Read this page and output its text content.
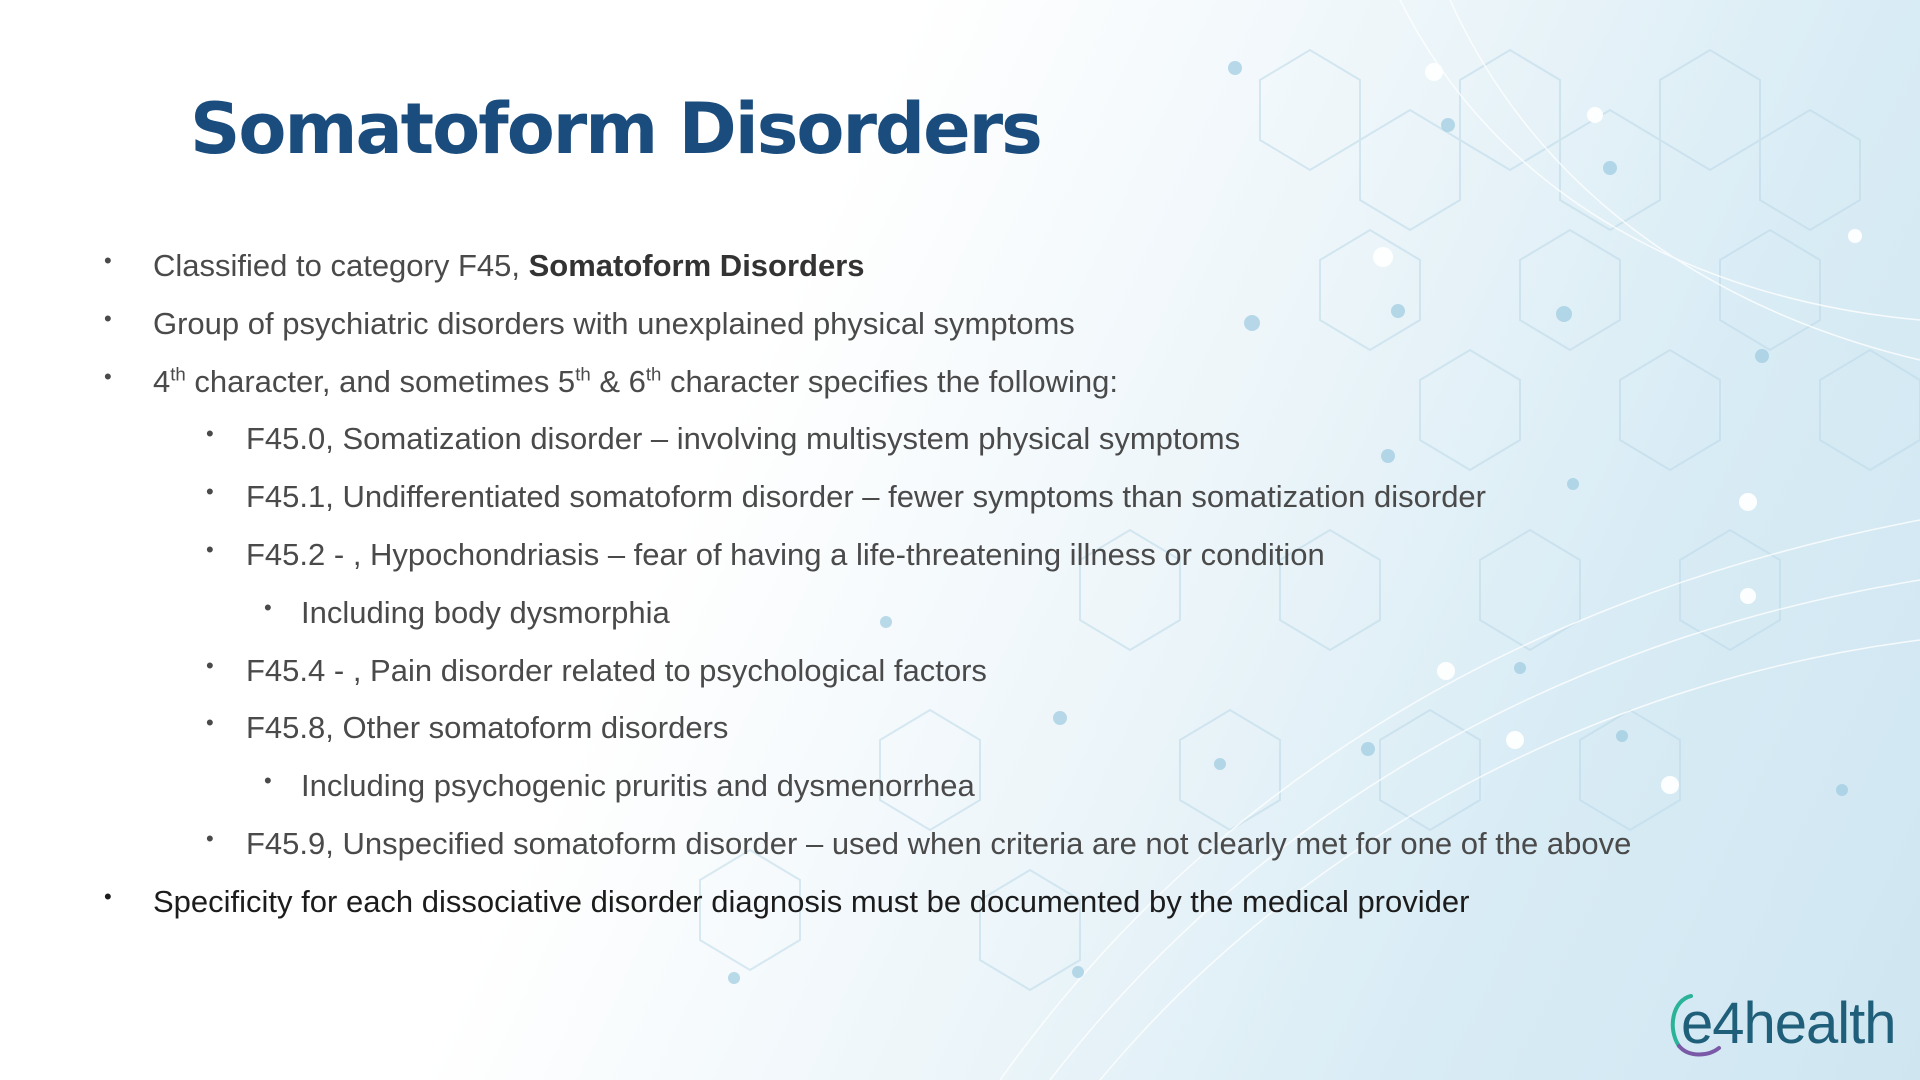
Somatoform Disorders
• Classified to category F45, Somatoform Disorders
• Group of psychiatric disorders with unexplained physical symptoms
• 4th character, and sometimes 5th & 6th character specifies the following:
• F45.0, Somatization disorder – involving multisystem physical symptoms
• F45.1, Undifferentiated somatoform disorder – fewer symptoms than somatization disorder
• F45.2 - , Hypochondriasis – fear of having a life-threatening illness or condition
• Including body dysmorphia
• F45.4 - , Pain disorder related to psychological factors
• F45.8, Other somatoform disorders
• Including psychogenic pruritis and dysmenorrhea
• F45.9, Unspecified somatoform disorder – used when criteria are not clearly met for one of the above
• Specificity for each dissociative disorder diagnosis must be documented by the medical provider
e4health
